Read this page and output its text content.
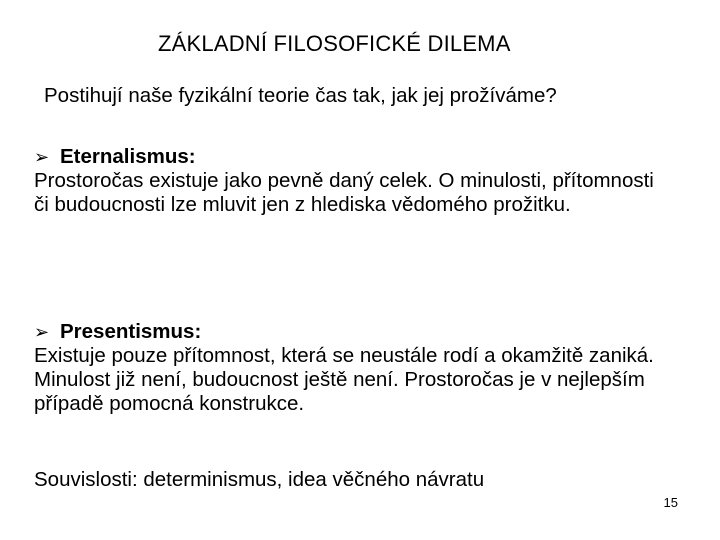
ZÁKLADNÍ FILOSOFICKÉ DILEMA
Postihují naše fyzikální teorie čas tak, jak jej prožíváme?
➢ Eternalismus:

Prostoročas existuje jako pevně daný celek. O minulosti, přítomnosti či budoucnosti lze mluvit jen z hlediska vědomého prožitku.

➢ Presentismus:

Existuje pouze přítomnost, která se neustále rodí a okamžitě zaniká. Minulost již není, budoucnost ještě není. Prostoročas je v nejlepším případě pomocná konstrukce.

Souvislosti: determinismus, idea věčného návratu
15
